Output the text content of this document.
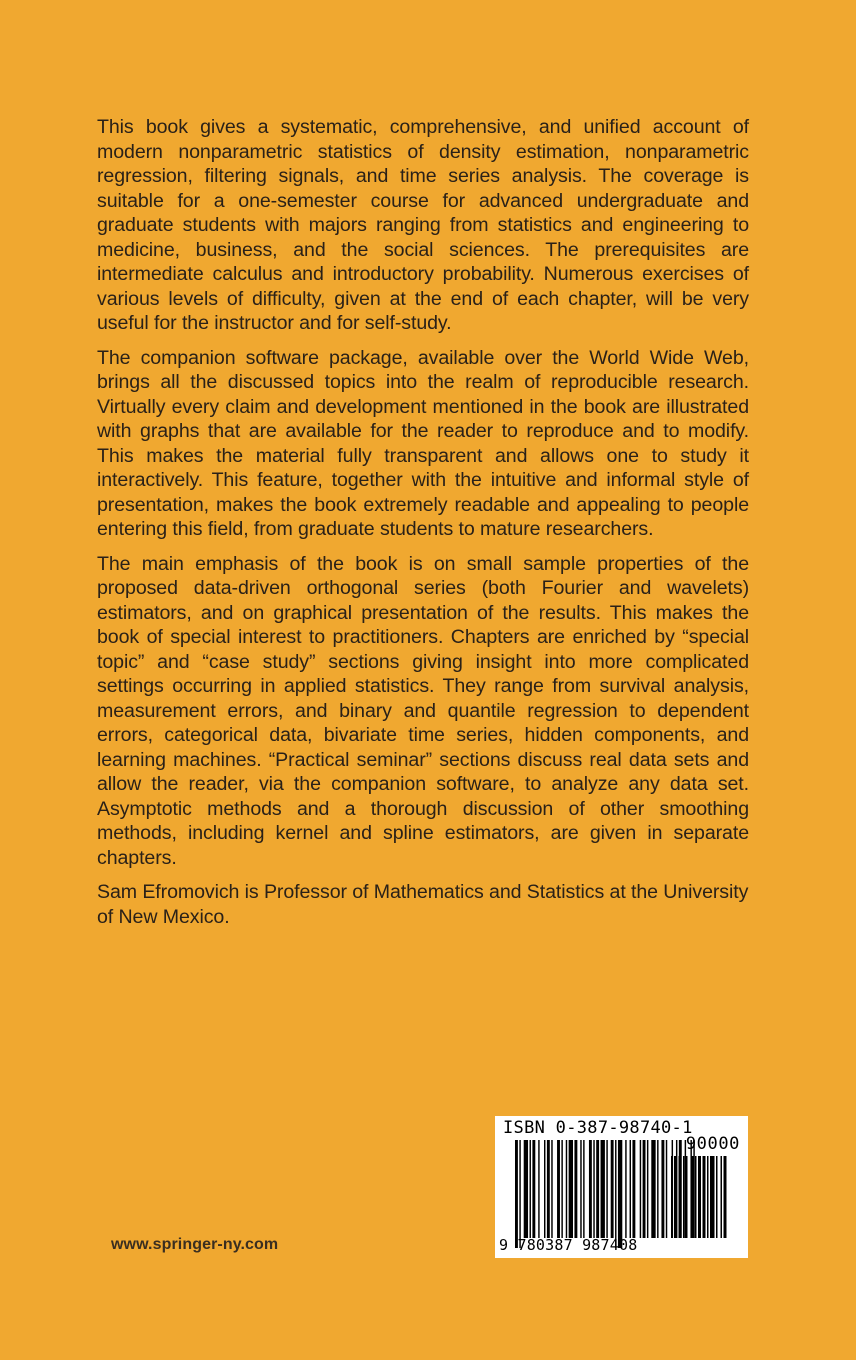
This book gives a systematic, comprehensive, and unified account of modern nonparametric statistics of density estimation, nonparametric regression, filtering signals, and time series analysis. The coverage is suitable for a one-semester course for advanced undergraduate and graduate students with majors ranging from statistics and engineering to medicine, business, and the social sciences. The prerequisites are intermediate calculus and introductory probability. Numerous exercises of various levels of difficulty, given at the end of each chapter, will be very useful for the instructor and for self-study.

The companion software package, available over the World Wide Web, brings all the discussed topics into the realm of reproducible research. Virtually every claim and development mentioned in the book are illustrated with graphs that are available for the reader to reproduce and to modify. This makes the material fully transparent and allows one to study it interactively. This feature, together with the intuitive and informal style of presentation, makes the book extremely readable and appealing to people entering this field, from graduate students to mature researchers.

The main emphasis of the book is on small sample properties of the proposed data-driven orthogonal series (both Fourier and wavelets) estimators, and on graphical presentation of the results. This makes the book of special interest to practitioners. Chapters are enriched by “special topic” and “case study” sections giving insight into more complicated settings occurring in applied statistics. They range from survival analysis, measurement errors, and binary and quantile regression to dependent errors, categorical data, bivariate time series, hidden components, and learning machines. “Practical seminar” sections discuss real data sets and allow the reader, via the companion software, to analyze any data set. Asymptotic methods and a thorough discussion of other smoothing methods, including kernel and spline estimators, are given in separate chapters.

Sam Efromovich is Professor of Mathematics and Statistics at the University of New Mexico.

www.springer-ny.com
ISBN 0-387-98740-1
90000
9 780387 987408
